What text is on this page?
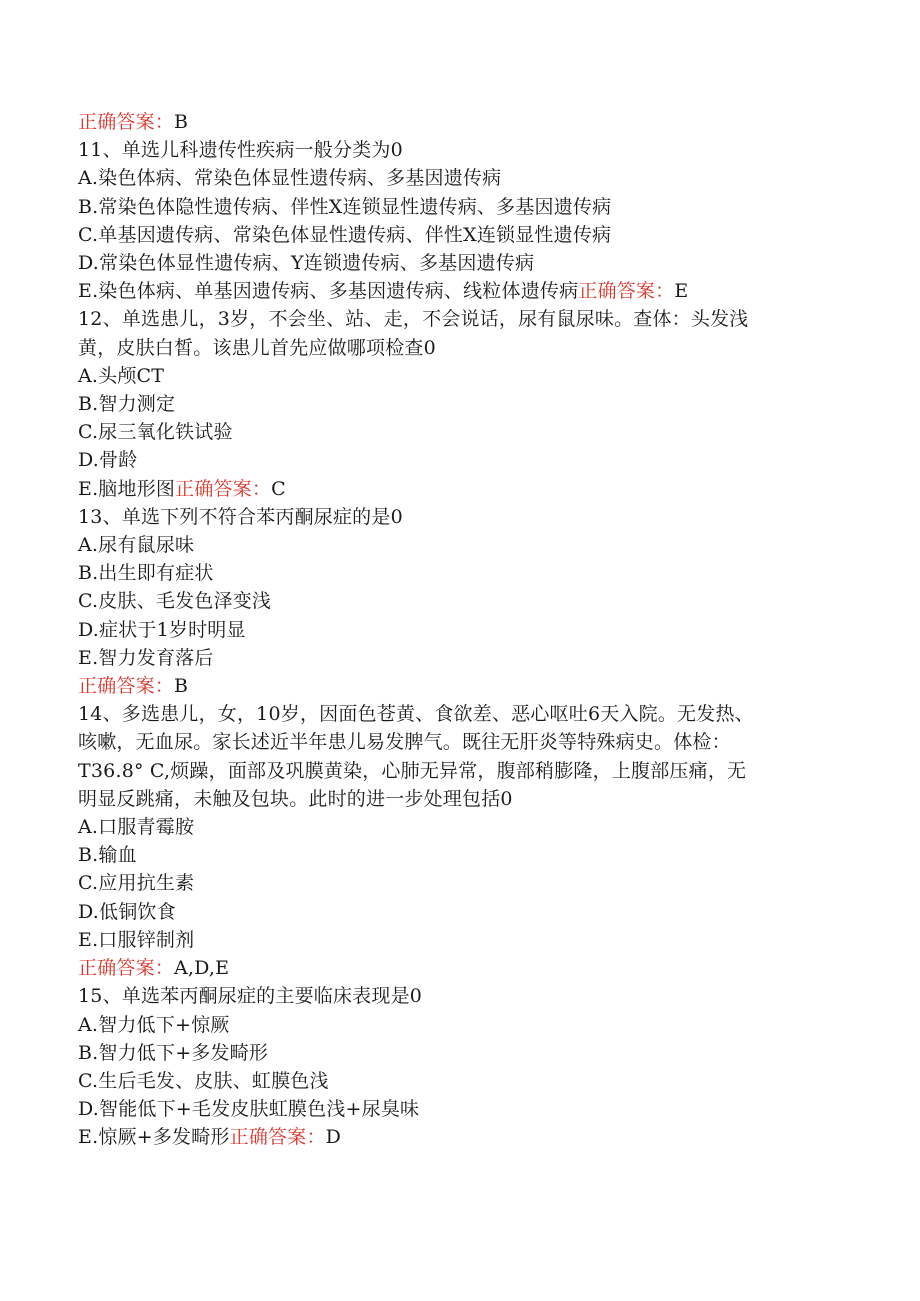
正确答案：B
11、单选儿科遗传性疾病一般分类为0
A.染色体病、常染色体显性遗传病、多基因遗传病
B.常染色体隐性遗传病、伴性X连锁显性遗传病、多基因遗传病
C.单基因遗传病、常染色体显性遗传病、伴性X连锁显性遗传病
D.常染色体显性遗传病、Y连锁遗传病、多基因遗传病
E.染色体病、单基因遗传病、多基因遗传病、线粒体遗传病正确答案：E
12、单选患儿，3岁，不会坐、站、走，不会说话，尿有鼠尿味。查体：头发浅
黄，皮肤白皙。该患儿首先应做哪项检查0
A.头颅CT
B.智力测定
C.尿三氧化铁试验
D.骨龄
E.脑地形图正确答案：C
13、单选下列不符合苯丙酮尿症的是0
A.尿有鼠尿味
B.出生即有症状
C.皮肤、毛发色泽变浅
D.症状于1岁时明显
E.智力发育落后
正确答案：B
14、多选患儿，女，10岁，因面色苍黄、食欲差、恶心呕吐6天入院。无发热、
咳嗽，无血尿。家长述近半年患儿易发脾气。既往无肝炎等特殊病史。体检：
T36.8° C,烦躁，面部及巩膜黄染，心肺无异常，腹部稍膨隆，上腹部压痛，无
明显反跳痛，未触及包块。此时的进一步处理包括0
A.口服青霉胺
B.输血
C.应用抗生素
D.低铜饮食
E.口服锌制剂
正确答案：A,D,E
15、单选苯丙酮尿症的主要临床表现是0
A.智力低下+惊厥
B.智力低下+多发畸形
C.生后毛发、皮肤、虹膜色浅
D.智能低下+毛发皮肤虹膜色浅+尿臭味
E.惊厥+多发畸形正确答案：D
